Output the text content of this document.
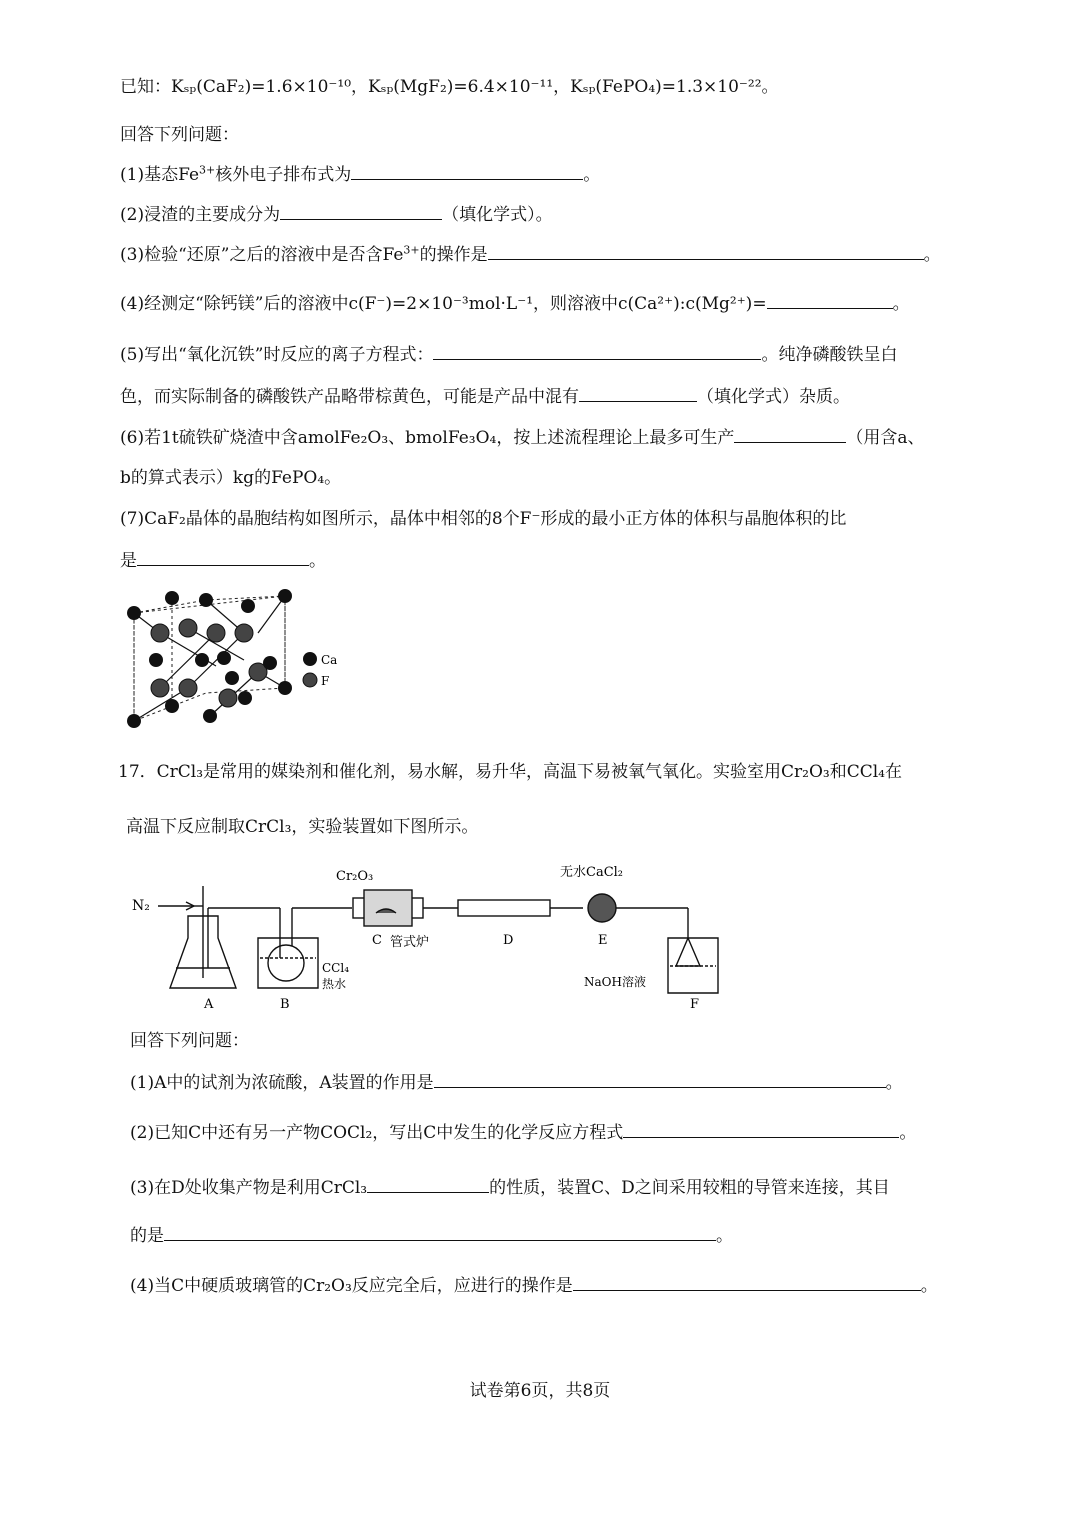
已知：Kₛₚ(CaF₂)=1.6×10⁻¹⁰，Kₛₚ(MgF₂)=6.4×10⁻¹¹，Kₛₚ(FePO₄)=1.3×10⁻²²。
回答下列问题：
(1)基态$Fe^{3+}$核外电子排布式为	。
(2)浸渣的主要成分为	（填化学式）。
(3)检验“还原”之后的溶液中是否含$Fe^{3+}$的操作是	。
(4)经测定“除钙镁”后的溶液中c(F⁻)=2×10⁻³mol·L⁻¹，则溶液中c(Ca²⁺):c(Mg²⁺)=	。
(5)写出“氧化沉铁”时反应的离子方程式：	。纯净磷酸铁呈白
色，而实际制备的磷酸铁产品略带棕黄色，可能是产品中混有	（填化学式）杂质。
(6)若1t硫铁矿烧渣中含amolFe₂O₃、bmolFe₃O₄，按上述流程理论上最多可生产	（用含a、
b的算式表示）kg的FePO₄。
(7)CaF₂晶体的晶胞结构如图所示，晶体中相邻的8个F⁻形成的最小正方体的体积与晶胞体积的比
是	。
Ca
F
17．CrCl₃是常用的媒染剂和催化剂，易水解，易升华，高温下易被氧气氧化。实验室用Cr₂O₃和CCl₄在
高温下反应制取CrCl₃，实验装置如下图所示。
N₂
Cr₂O₃	无水CaCl₂
C 管式炉	D	E
CCl₄
热水	NaOH溶液
A	B	F
回答下列问题：
(1)A中的试剂为浓硫酸，A装置的作用是	。
(2)已知C中还有另一产物COCl₂，写出C中发生的化学反应方程式	。
(3)在D处收集产物是利用CrCl₃	的性质，装置C、D之间采用较粗的导管来连接，其目
的是	。
(4)当C中硬质玻璃管的Cr₂O₃反应完全后，应进行的操作是	。
试卷第6页，共8页
